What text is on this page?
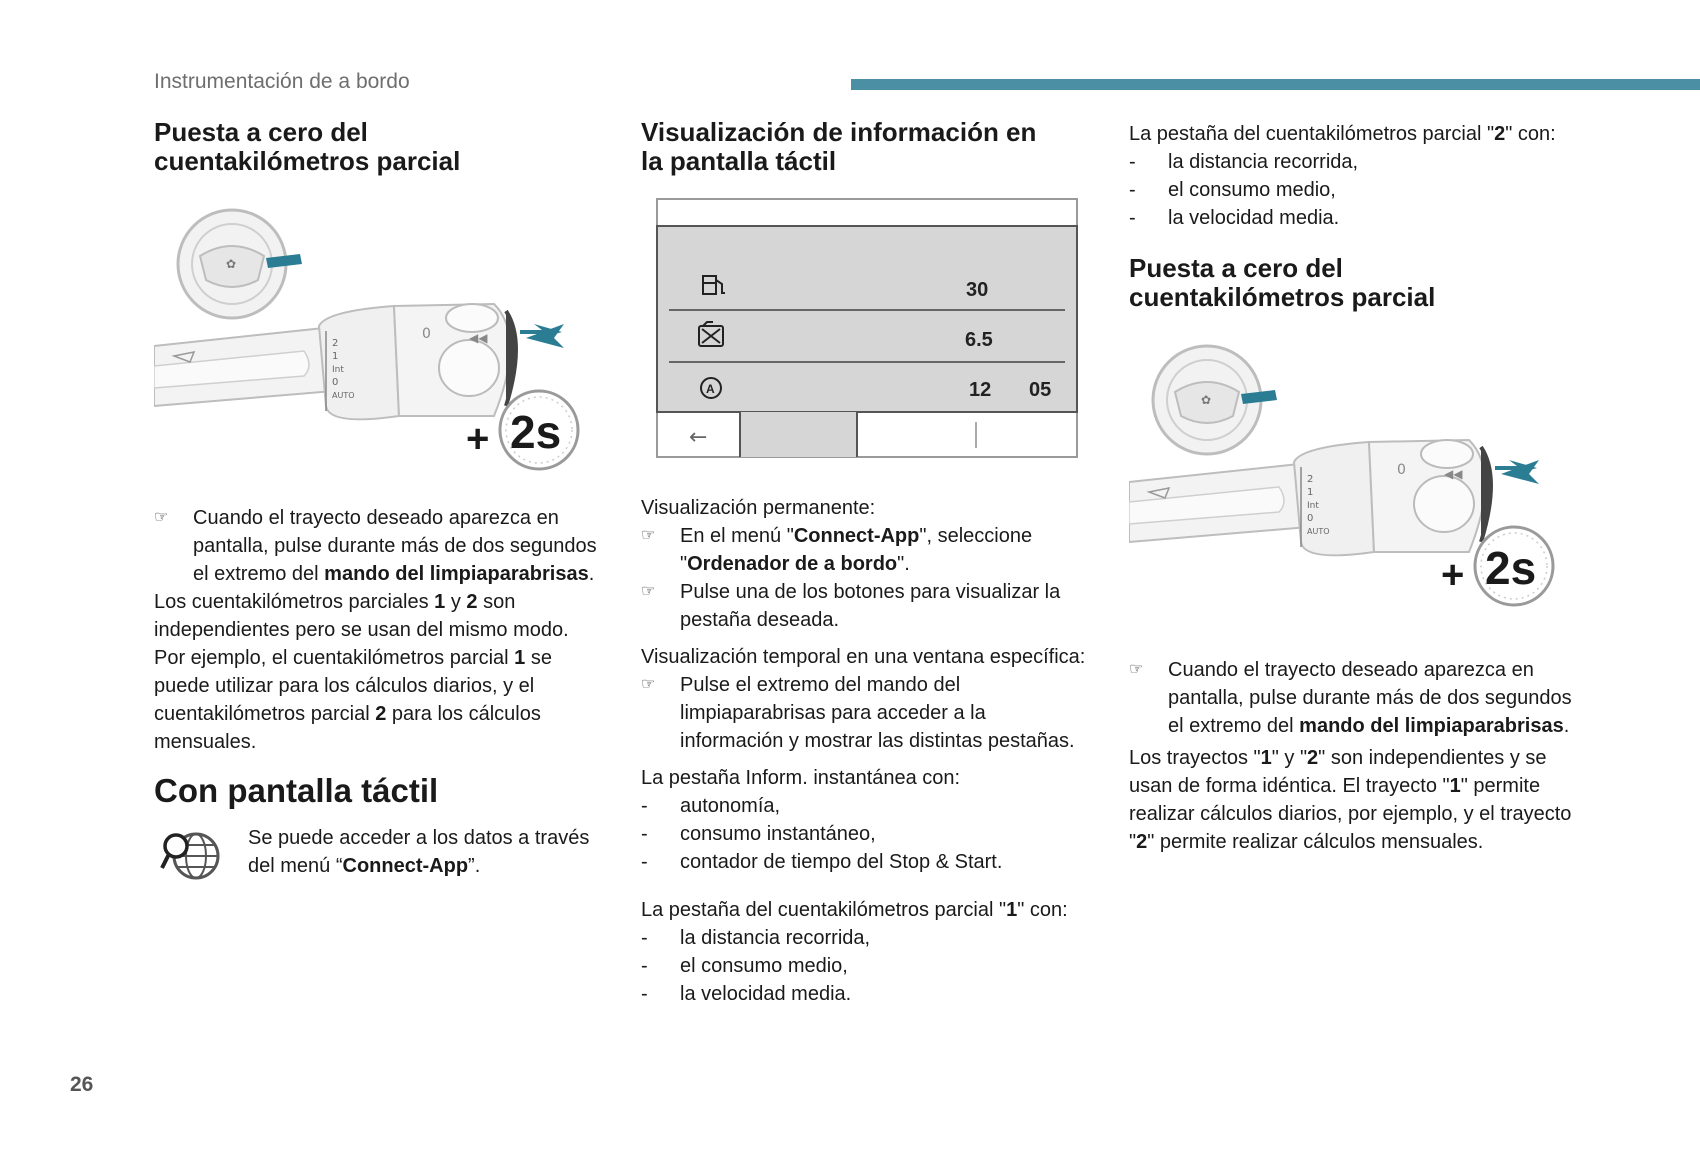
Instrumentación de a bordo
Puesta a cero del
cuentakilómetros parcial
+ 2s
☞ Cuando el trayecto deseado aparezca en pantalla, pulse durante más de dos segundos el extremo del mando del limpiaparabrisas.

Los cuentakilómetros parciales 1 y 2 son independientes pero se usan del mismo modo. Por ejemplo, el cuentakilómetros parcial 1 se puede utilizar para los cálculos diarios, y el cuentakilómetros parcial 2 para los cálculos mensuales.

Con pantalla táctil

Se puede acceder a los datos a través del menú “Connect-App”.

Visualización de información en
la pantalla táctil
←
30
6.5
A	12 05

Visualización permanente:

☞ En el menú "Connect-App", seleccione "Ordenador de a bordo".
☞ Pulse una de los botones para visualizar la pestaña deseada.

Visualización temporal en una ventana específica:

☞ Pulse el extremo del mando del limpiaparabrisas para acceder a la información y mostrar las distintas pestañas.

La pestaña Inform. instantánea con:

- autonomía,
- consumo instantáneo,
- contador de tiempo del Stop & Start.

La pestaña del cuentakilómetros parcial "1" con:

- la distancia recorrida,
- el consumo medio,
- la velocidad media.

La pestaña del cuentakilómetros parcial "2" con:

- la distancia recorrida,
- el consumo medio,
- la velocidad media.
Puesta a cero del
cuentakilómetros parcial
+ 2s
☞ Cuando el trayecto deseado aparezca en pantalla, pulse durante más de dos segundos el extremo del mando del limpiaparabrisas.

Los trayectos "1" y "2" son independientes y se usan de forma idéntica. El trayecto "1" permite realizar cálculos diarios, por ejemplo, y el trayecto "2" permite realizar cálculos mensuales.

26
